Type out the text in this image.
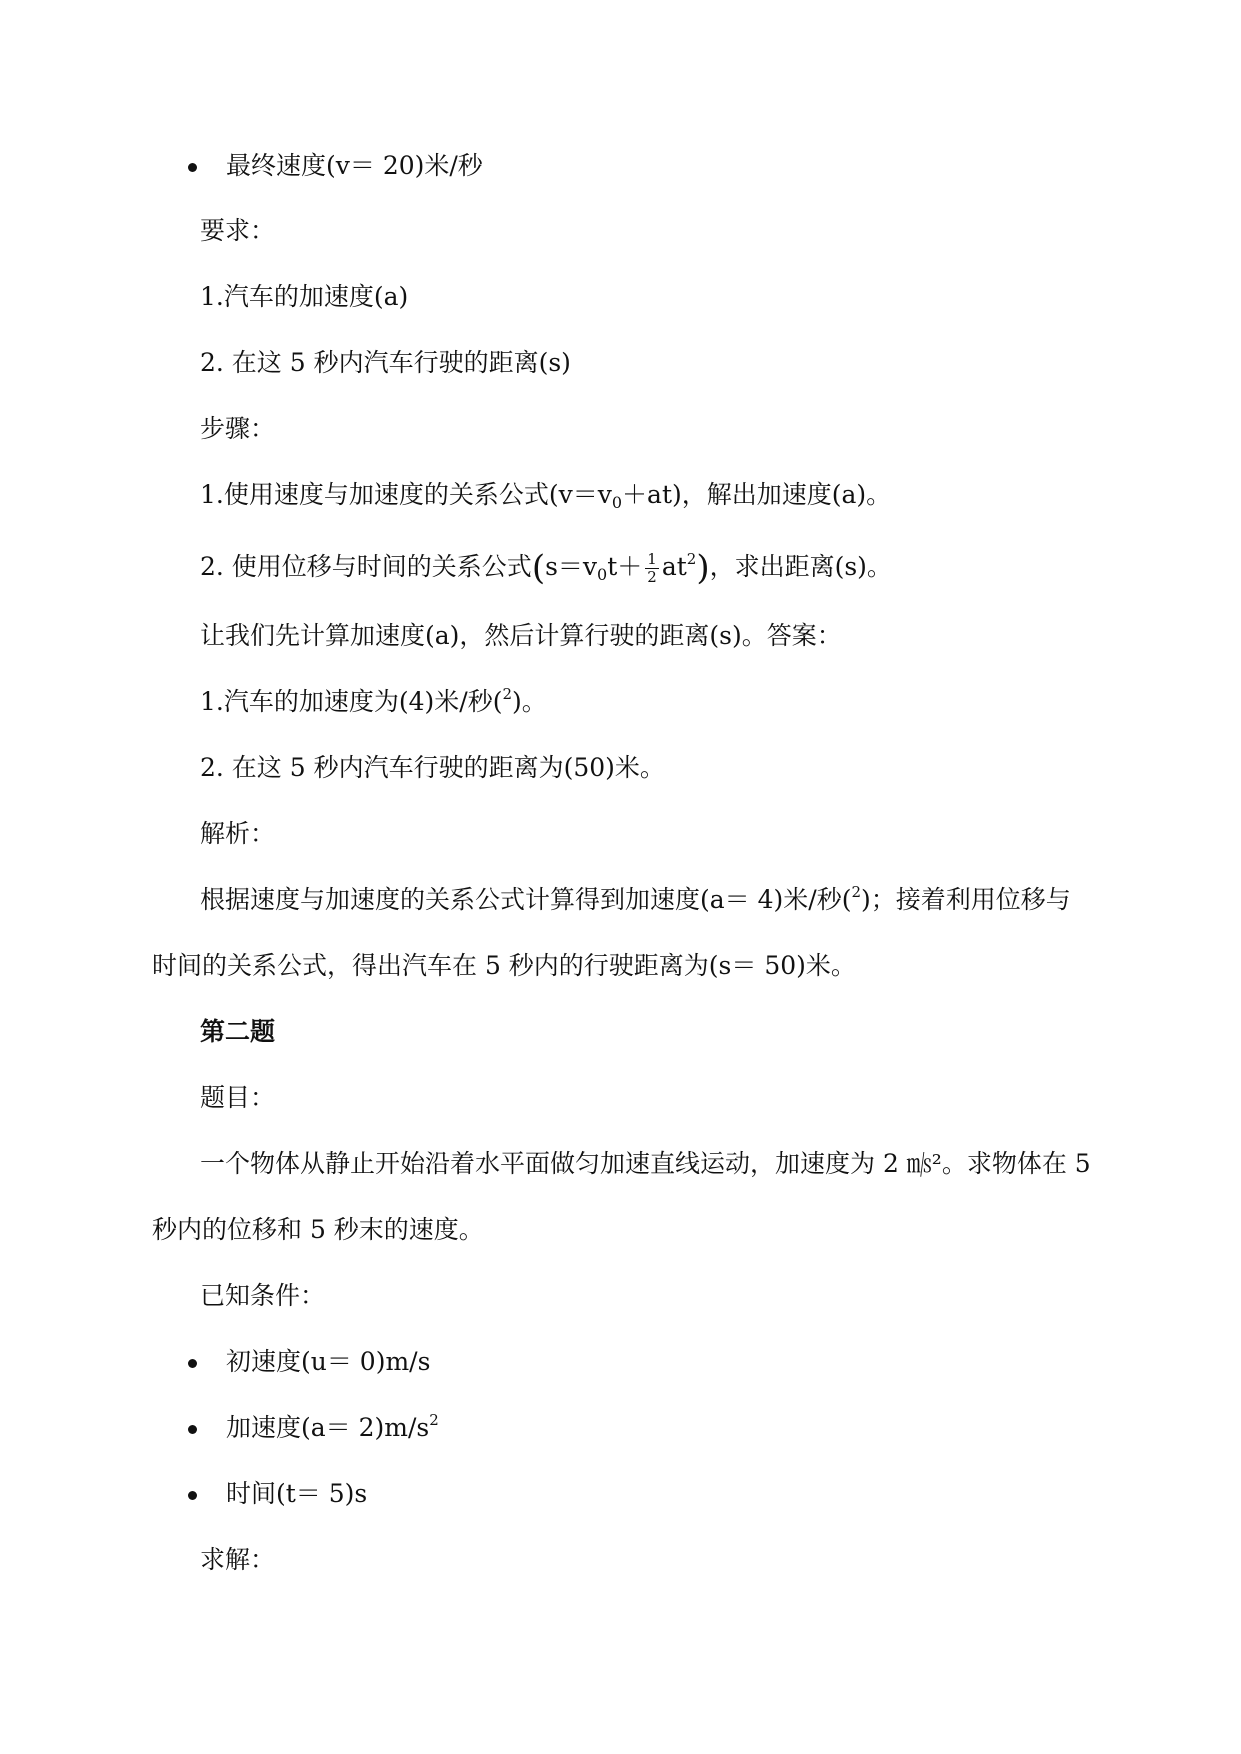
最终速度(v＝ 20)米/秒
要求：
1.汽车的加速度(a)
2. 在这 5 秒内汽车行驶的距离(s)
步骤：
1.使用速度与加速度的关系公式$(v=v_0+at)$，解出加速度(a)。
2. 使用位移与时间的关系公式$(s=v_0t+ \frac{1}{2} at^2)$，求出距离(s)。
让我们先计算加速度(a)，然后计算行驶的距离(s)。答案：
1.汽车的加速度为(4)米/秒($^2$)。
2. 在这 5 秒内汽车行驶的距离为(50)米。
解析：
根据速度与加速度的关系公式计算得到加速度(a＝ 4)米/秒($^2$)；接着利用位移与
时间的关系公式，得出汽车在 5 秒内的行驶距离为(s＝ 50)米。
第二题
题目：
一个物体从静止开始沿着水平面做匀加速直线运动，加速度为 2 ㎧²。求物体在 5
秒内的位移和 5 秒末的速度。
已知条件：
初速度(u＝ 0)m/s
加速度$(a= 2)m/s^2$
时间(t＝ 5)s
求解：
